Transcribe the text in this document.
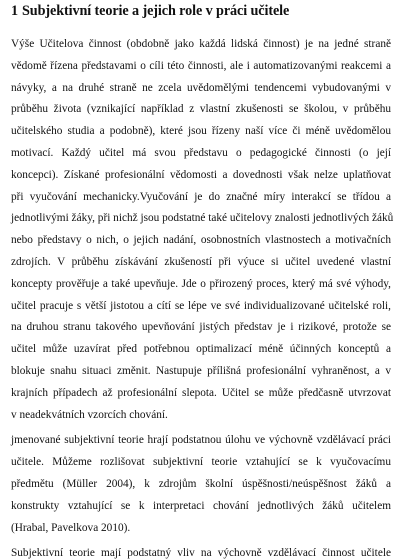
1 Subjektivní teorie a jejich role v práci učitele
Výše Učitelova činnost (obdobně jako každá lidská činnost) je na jedné straně
vědomě řízena představami o cíli této činnosti, ale i automatizovanými reakcemi a
návyky, a na druhé straně ne zcela uvědomělými tendencemi vybudovanými v
průběhu života (vznikající například z vlastní zkušenosti se školou, v průběhu
učitelského studia a podobně), které jsou řízeny naší více či méně uvědomělou
motivací. Každý učitel má svou představu o pedagogické činnosti (o její
koncepci). Získané profesionální vědomosti a dovednosti však nelze uplatňovat
při vyučování mechanicky.Vyučování je do značné míry interakcí se třídou a
jednotlivými žáky, při nichž jsou podstatné také učitelovy znalosti jednotlivých žáků
nebo představy o nich, o jejich nadání, osobnostních vlastnostech a motivačních
zdrojích. V průběhu získávání zkušeností při výuce si učitel uvedené vlastní
koncepty prověřuje a také upevňuje. Jde o přirozený proces, který má své výhody,
učitel pracuje s větší jistotou a cítí se lépe ve své individualizované učitelské roli,
na druhou stranu takového upevňování jistých představ je i rizikové, protože se
učitel může uzavírat před potřebnou optimalizací méně účinných konceptů a
blokuje snahu situaci změnit. Nastupuje přílišná profesionální vyhraněnost, a v
krajních případech až profesionální slepota. Učitel se může předčasně utvrzovat
v neadekvátních vzorcích chování.
jmenované subjektivní teorie hrají podstatnou úlohu ve výchovně vzdělávací práci
učitele. Můžeme rozlišovat subjektivní teorie vztahující se k vyučovacímu
předmětu (Müller 2004), k zdrojům školní úspěšnosti/neúspěšnost žáků a
konstrukty vztahující se k interpretaci chování jednotlivých žáků učitelem
(Hrabal, Pavelkova 2010).
Subjektivní teorie mají podstatný vliv na výchovně vzdělávací činnost učitele
